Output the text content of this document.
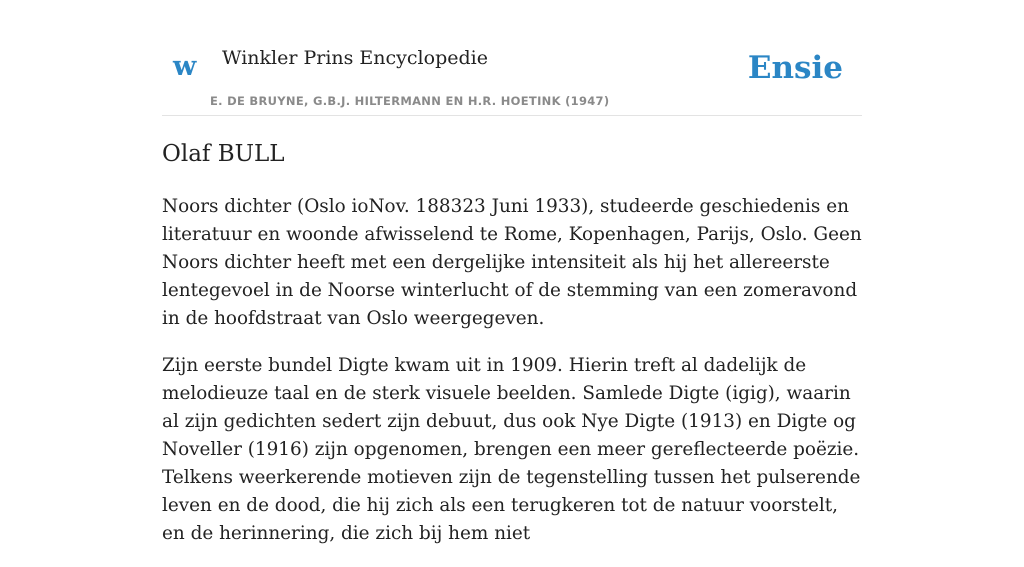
w Winkler Prins Encyclopedie
E. DE BRUYNE, G.B.J. HILTERMANN EN H.R. HOETINK (1947)
Ensie
Olaf BULL

Noors dichter (Oslo ioNov. 188323 Juni 1933), studeerde geschiedenis en literatuur en woonde afwisselend te Rome, Kopenhagen, Parijs, Oslo. Geen Noors dichter heeft met een dergelijke intensiteit als hij het allereerste lentegevoel in de Noorse winterlucht of de stemming van een zomeravond in de hoofdstraat van Oslo weergegeven.

Zijn eerste bundel Digte kwam uit in 1909. Hierin treft al dadelijk de melodieuze taal en de sterk visuele beelden. Samlede Digte (igig), waarin al zijn gedichten sedert zijn debuut, dus ook Nye Digte (1913) en Digte og Noveller (1916) zijn opgenomen, brengen een meer gereflecteerde poëzie. Telkens weerkerende motieven zijn de tegenstelling tussen het pulserende leven en de dood, die hij zich als een terugkeren tot de natuur voorstelt, en de herinnering, die zich bij hem niet
